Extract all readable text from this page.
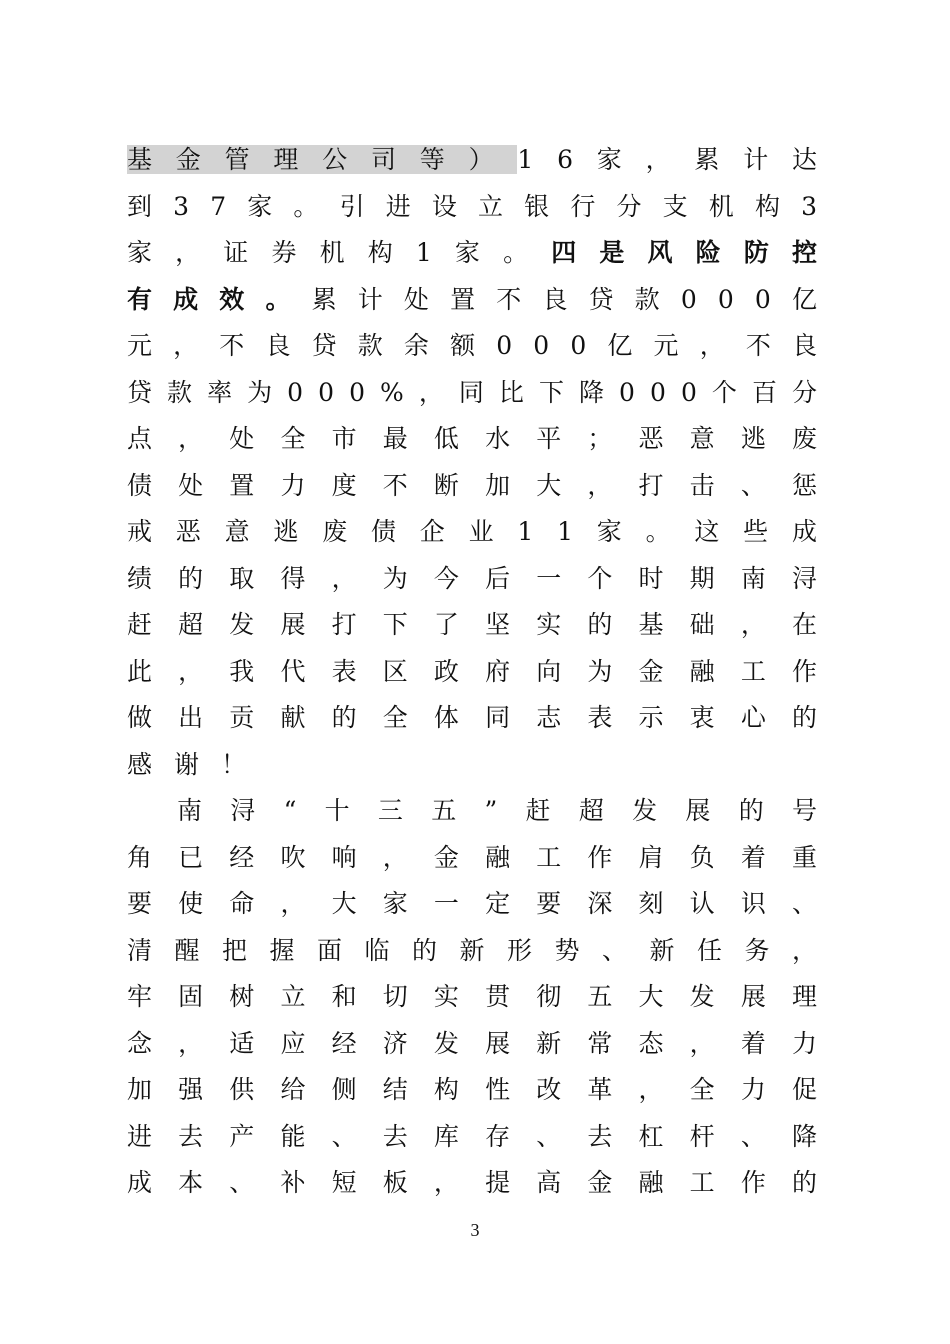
基金管理公司等）16家，累计达
到37家。引进设立银行分支机构3
家，证券机构1家。四是风险防控
有成效。累计处置不良贷款000亿
元，不良贷款余额000亿元，不良
贷款率为000%，同比下降000个百分
点，处全市最低水平；恶意逃废
债处置力度不断加大，打击、惩
戒恶意逃废债企业11家。这些成
绩的取得，为今后一个时期南浔
赶超发展打下了坚实的基础，在
此，我代表区政府向为金融工作
做出贡献的全体同志表示衷心的
感谢！
南浔“十三五”赶超发展的号
角已经吹响，金融工作肩负着重
要使命，大家一定要深刻认识、
清醒把握面临的新形势、新任务，
牢固树立和切实贯彻五大发展理
念，适应经济发展新常态，着力
加强供给侧结构性改革，全力促
进去产能、去库存、去杠杆、降
成本、补短板，提高金融工作的
3
